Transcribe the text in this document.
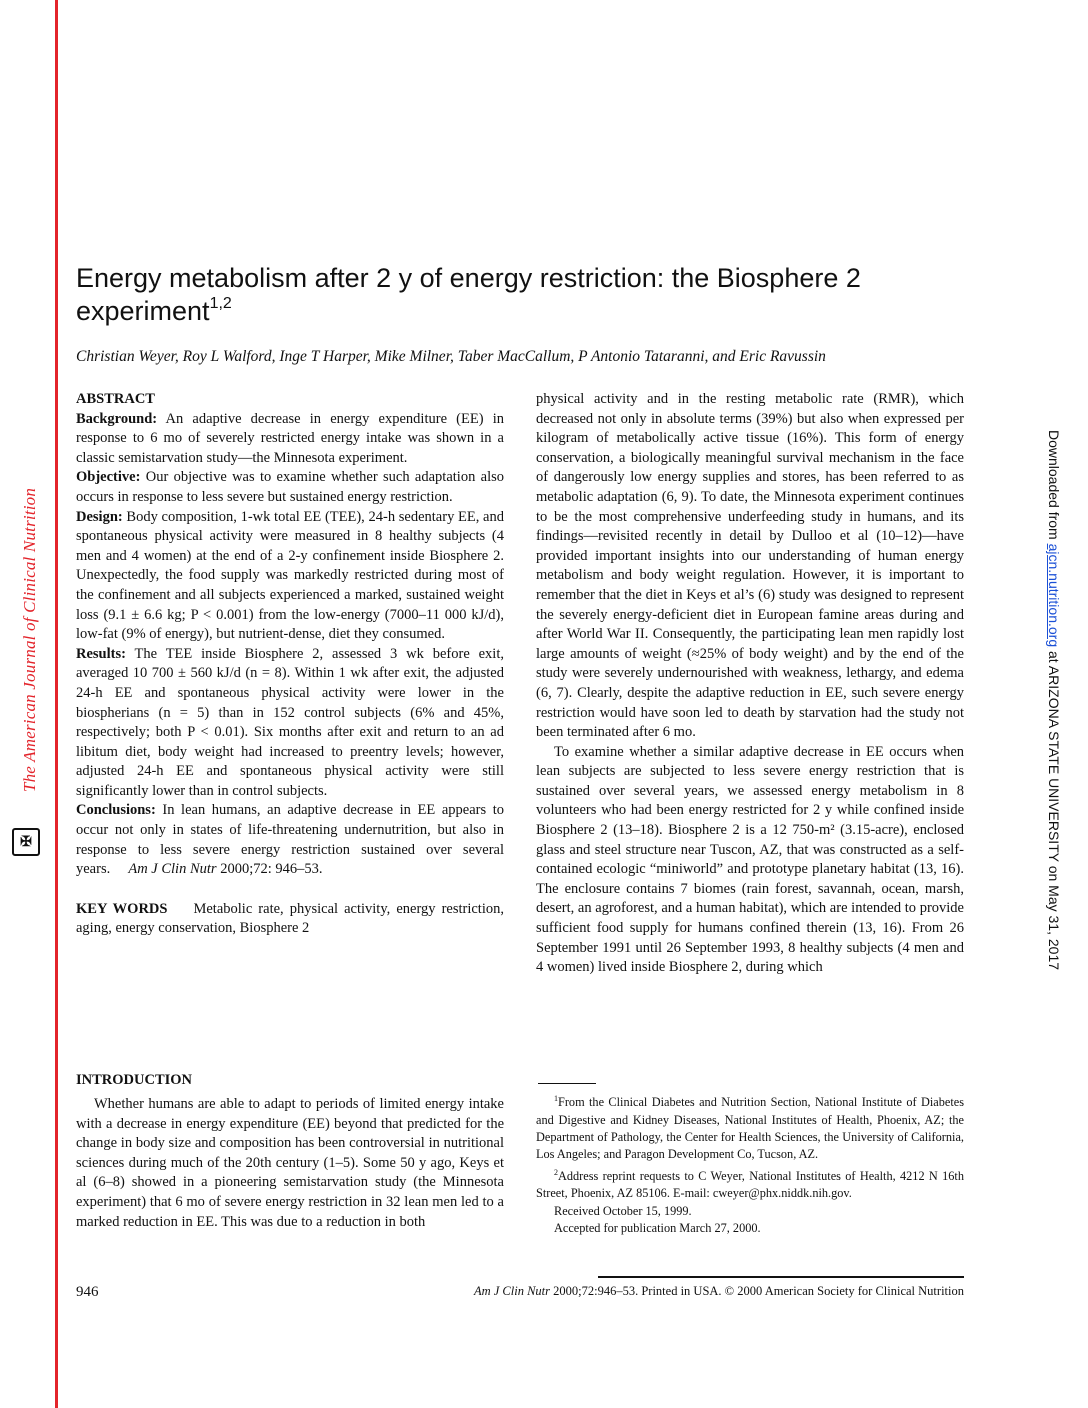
The American Journal of Clinical Nutrition
✠
Downloaded from ajcn.nutrition.org at ARIZONA STATE UNIVERSITY on May 31, 2017
Energy metabolism after 2 y of energy restriction: the Biosphere 2 experiment$^{1,2}$
Christian Weyer, Roy L Walford, Inge T Harper, Mike Milner, Taber MacCallum, P Antonio Tataranni, and Eric Ravussin

ABSTRACT

Background: An adaptive decrease in energy expenditure (EE) in response to 6 mo of severely restricted energy intake was shown in a classic semistarvation study—the Minnesota experiment.

Objective: Our objective was to examine whether such adaptation also occurs in response to less severe but sustained energy restriction.

Design: Body composition, 1-wk total EE (TEE), 24-h sedentary EE, and spontaneous physical activity were measured in 8 healthy subjects (4 men and 4 women) at the end of a 2-y confinement inside Biosphere 2. Unexpectedly, the food supply was markedly restricted during most of the confinement and all subjects experienced a marked, sustained weight loss (9.1 ± 6.6 kg; P < 0.001) from the low-energy (7000–11 000 kJ/d), low-fat (9% of energy), but nutrient-dense, diet they consumed.

Results: The TEE inside Biosphere 2, assessed 3 wk before exit, averaged 10 700 ± 560 kJ/d (n = 8). Within 1 wk after exit, the adjusted 24-h EE and spontaneous physical activity were lower in the biospherians (n = 5) than in 152 control subjects (6% and 45%, respectively; both P < 0.01). Six months after exit and return to an ad libitum diet, body weight had increased to preentry levels; however, adjusted 24-h EE and spontaneous physical activity were still significantly lower than in control subjects.

Conclusions: In lean humans, an adaptive decrease in EE appears to occur not only in states of life-threatening undernutrition, but also in response to less severe energy restriction sustained over several years. Am J Clin Nutr 2000;72: 946–53.

KEY WORDS Metabolic rate, physical activity, energy restriction, aging, energy conservation, Biosphere 2

INTRODUCTION

Whether humans are able to adapt to periods of limited energy intake with a decrease in energy expenditure (EE) beyond that predicted for the change in body size and composition has been controversial in nutritional sciences during much of the 20th century (1–5). Some 50 y ago, Keys et al (6–8) showed in a pioneering semistarvation study (the Minnesota experiment) that 6 mo of severe energy restriction in 32 lean men led to a marked reduction in EE. This was due to a reduction in both

physical activity and in the resting metabolic rate (RMR), which decreased not only in absolute terms (39%) but also when expressed per kilogram of metabolically active tissue (16%). This form of energy conservation, a biologically meaningful survival mechanism in the face of dangerously low energy supplies and stores, has been referred to as metabolic adaptation (6, 9). To date, the Minnesota experiment continues to be the most comprehensive underfeeding study in humans, and its findings—revisited recently in detail by Dulloo et al (10–12)—have provided important insights into our understanding of human energy metabolism and body weight regulation. However, it is important to remember that the diet in Keys et al’s (6) study was designed to represent the severely energy-deficient diet in European famine areas during and after World War II. Consequently, the participating lean men rapidly lost large amounts of weight (≈25% of body weight) and by the end of the study were severely undernourished with weakness, lethargy, and edema (6, 7). Clearly, despite the adaptive reduction in EE, such severe energy restriction would have soon led to death by starvation had the study not been terminated after 6 mo.

To examine whether a similar adaptive decrease in EE occurs when lean subjects are subjected to less severe energy restriction that is sustained over several years, we assessed energy metabolism in 8 volunteers who had been energy restricted for 2 y while confined inside Biosphere 2 (13–18). Biosphere 2 is a 12 750-m² (3.15-acre), enclosed glass and steel structure near Tuscon, AZ, that was constructed as a self-contained ecologic “miniworld” and prototype planetary habitat (13, 16). The enclosure contains 7 biomes (rain forest, savannah, ocean, marsh, desert, an agroforest, and a human habitat), which are intended to provide sufficient food supply for humans confined therein (13, 16). From 26 September 1991 until 26 September 1993, 8 healthy subjects (4 men and 4 women) lived inside Biosphere 2, during which

$^1$From the Clinical Diabetes and Nutrition Section, National Institute of Diabetes and Digestive and Kidney Diseases, National Institutes of Health, Phoenix, AZ; the Department of Pathology, the Center for Health Sciences, the University of California, Los Angeles; and Paragon Development Co, Tucson, AZ.

$^2$Address reprint requests to C Weyer, National Institutes of Health, 4212 N 16th Street, Phoenix, AZ 85106. E-mail: cweyer@phx.niddk.nih.gov.

Received October 15, 1999.

Accepted for publication March 27, 2000.

946	Am J Clin Nutr 2000;72:946–53. Printed in USA. © 2000 American Society for Clinical Nutrition
